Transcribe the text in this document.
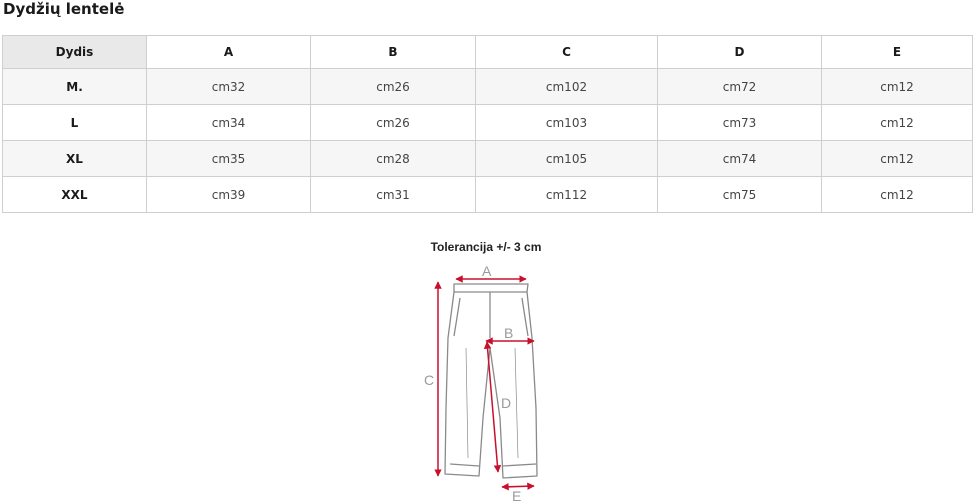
Dydžių lentelė
Dydis	A	B	C	D	E
M.	cm32	cm26	cm102	cm72	cm12
L	cm34	cm26	cm103	cm73	cm12
XL	cm35	cm28	cm105	cm74	cm12
XXL	cm39	cm31	cm112	cm75	cm12
Tolerancija +/- 3 cm
A
B
C
D
E
